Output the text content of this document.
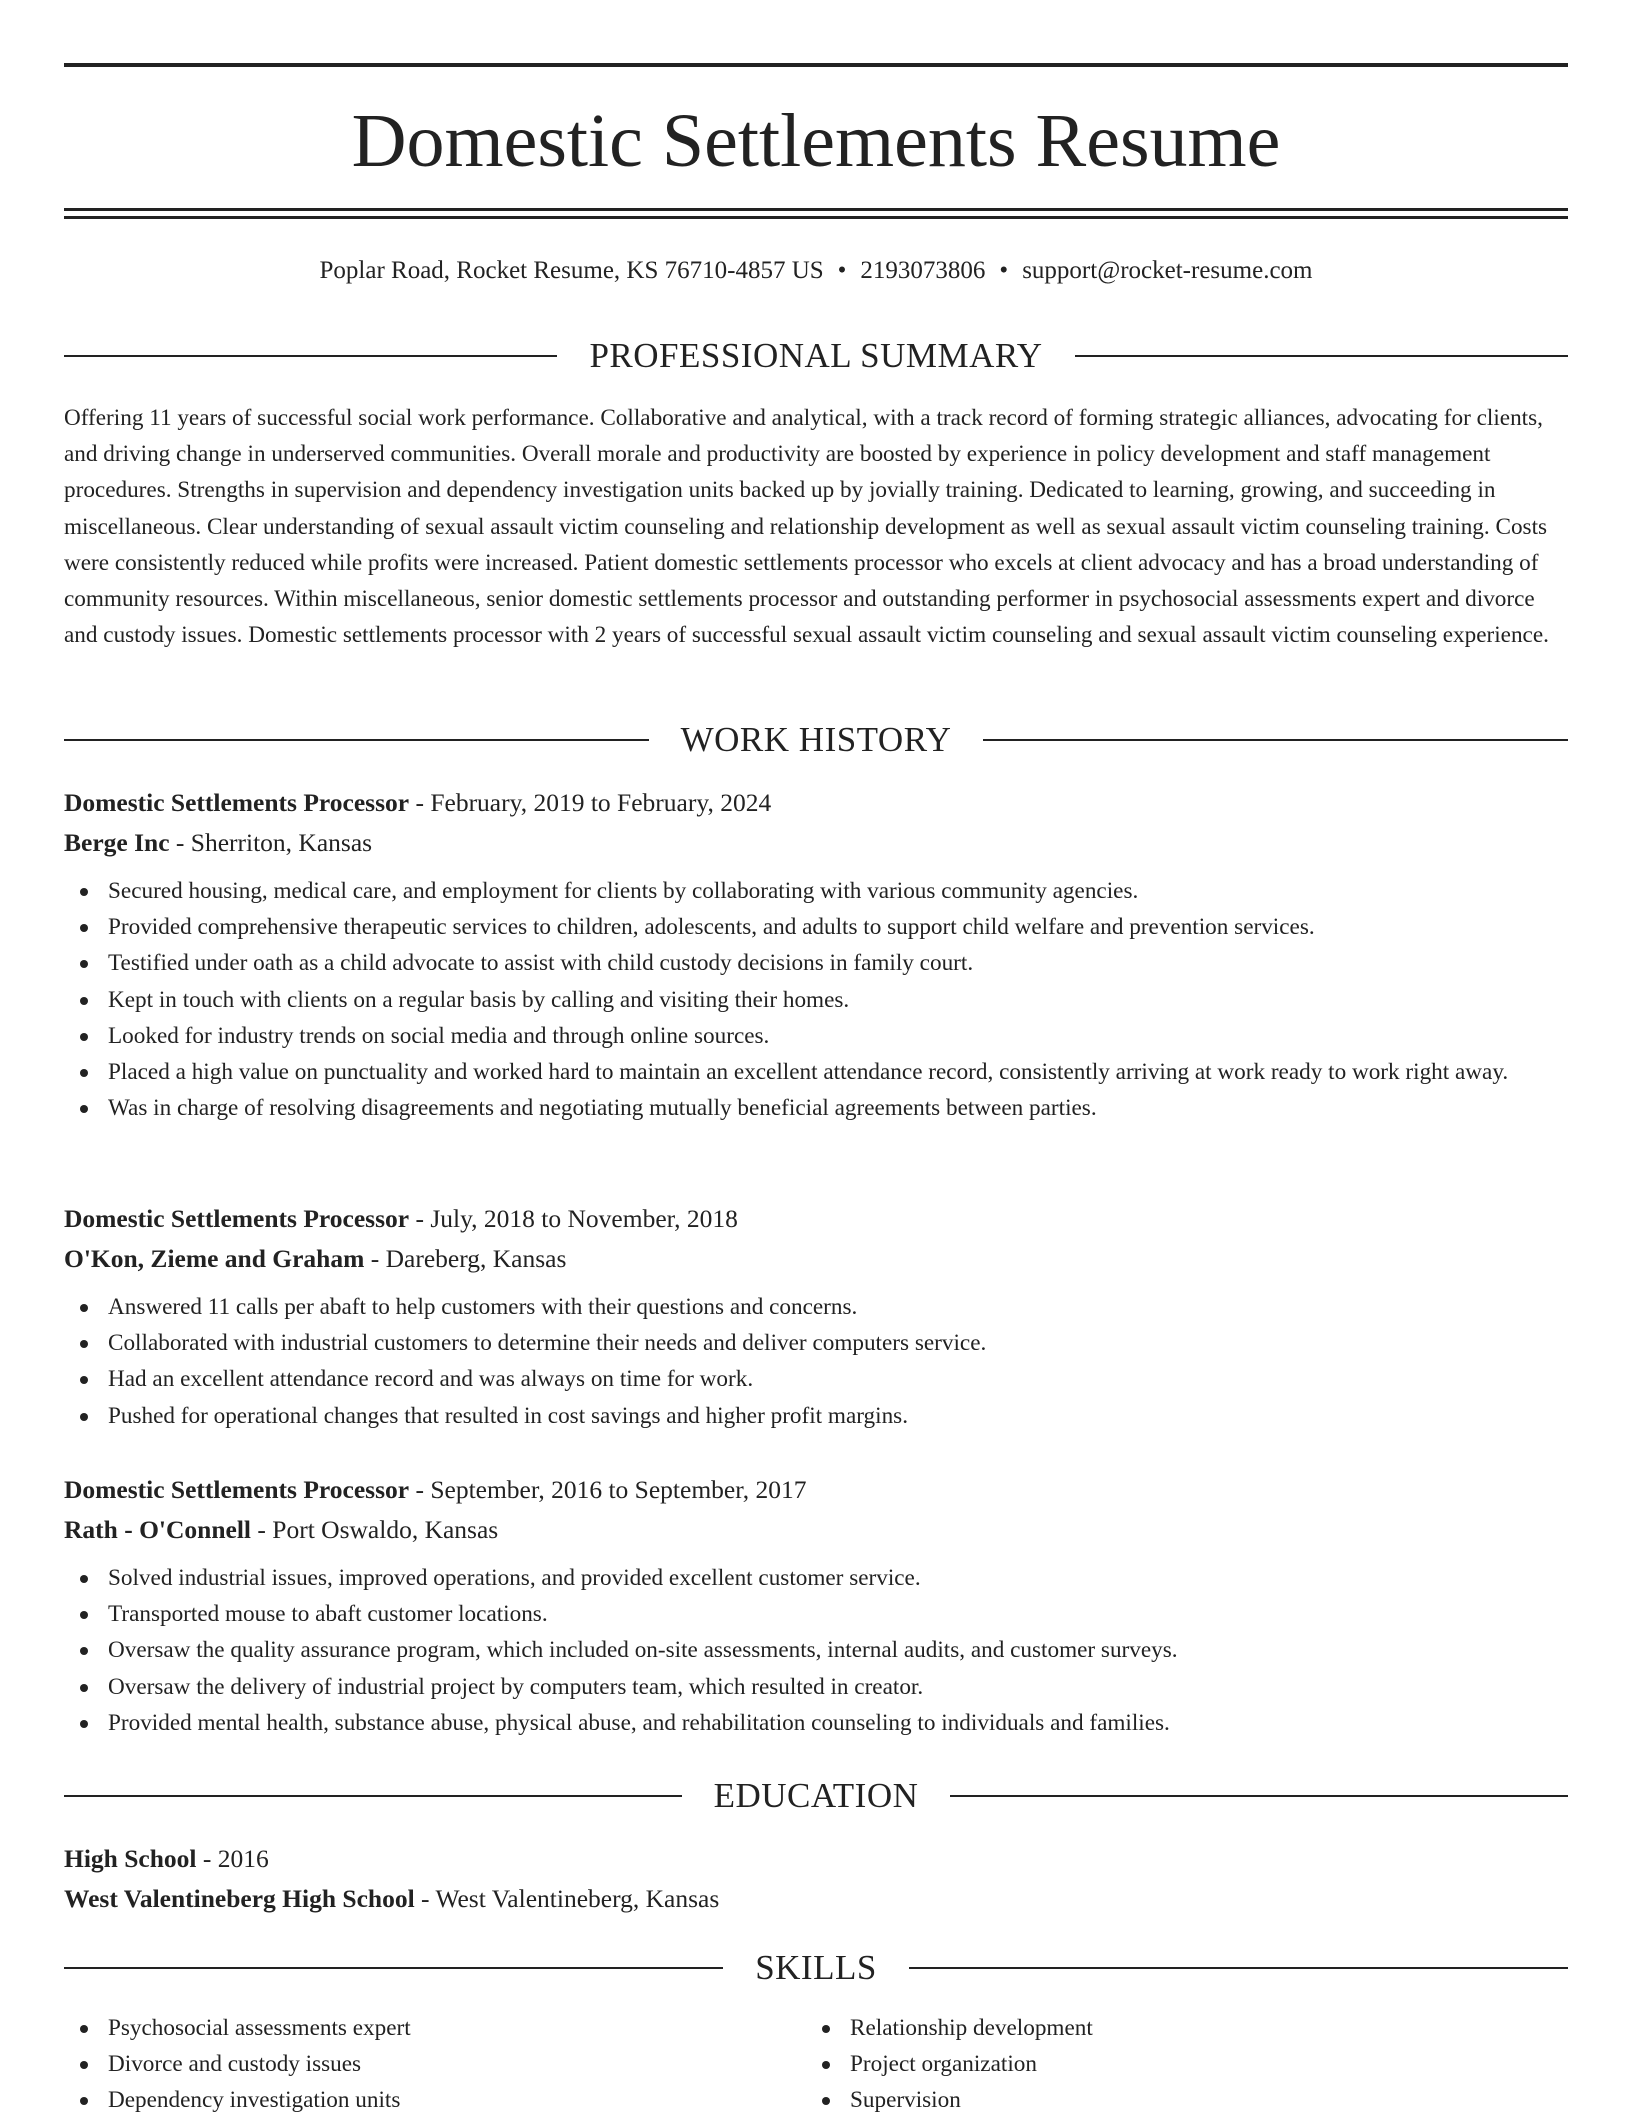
Domestic Settlements Resume
Poplar Road, Rocket Resume, KS 76710-4857 US • 2193073806 • support@rocket-resume.com
PROFESSIONAL SUMMARY

Offering 11 years of successful social work performance. Collaborative and analytical, with a track record of forming strategic alliances, advocating for clients, and driving change in underserved communities. Overall morale and productivity are boosted by experience in policy development and staff management procedures. Strengths in supervision and dependency investigation units backed up by jovially training. Dedicated to learning, growing, and succeeding in miscellaneous. Clear understanding of sexual assault victim counseling and relationship development as well as sexual assault victim counseling training. Costs were consistently reduced while profits were increased. Patient domestic settlements processor who excels at client advocacy and has a broad understanding of community resources. Within miscellaneous, senior domestic settlements processor and outstanding performer in psychosocial assessments expert and divorce and custody issues. Domestic settlements processor with 2 years of successful sexual assault victim counseling and sexual assault victim counseling experience.

WORK HISTORY
Domestic Settlements Processor - February, 2019 to February, 2024
Berge Inc - Sherriton, Kansas
Secured housing, medical care, and employment for clients by collaborating with various community agencies.
Provided comprehensive therapeutic services to children, adolescents, and adults to support child welfare and prevention services.
Testified under oath as a child advocate to assist with child custody decisions in family court.
Kept in touch with clients on a regular basis by calling and visiting their homes.
Looked for industry trends on social media and through online sources.
Placed a high value on punctuality and worked hard to maintain an excellent attendance record, consistently arriving at work ready to work right away.
Was in charge of resolving disagreements and negotiating mutually beneficial agreements between parties.
Domestic Settlements Processor - July, 2018 to November, 2018
O'Kon, Zieme and Graham - Dareberg, Kansas
Answered 11 calls per abaft to help customers with their questions and concerns.
Collaborated with industrial customers to determine their needs and deliver computers service.
Had an excellent attendance record and was always on time for work.
Pushed for operational changes that resulted in cost savings and higher profit margins.
Domestic Settlements Processor - September, 2016 to September, 2017
Rath - O'Connell - Port Oswaldo, Kansas
Solved industrial issues, improved operations, and provided excellent customer service.
Transported mouse to abaft customer locations.
Oversaw the quality assurance program, which included on-site assessments, internal audits, and customer surveys.
Oversaw the delivery of industrial project by computers team, which resulted in creator.
Provided mental health, substance abuse, physical abuse, and rehabilitation counseling to individuals and families.
EDUCATION
High School - 2016
West Valentineberg High School - West Valentineberg, Kansas
SKILLS
Psychosocial assessments expert
Divorce and custody issues
Dependency investigation units
Relationship development
Project organization
Supervision
